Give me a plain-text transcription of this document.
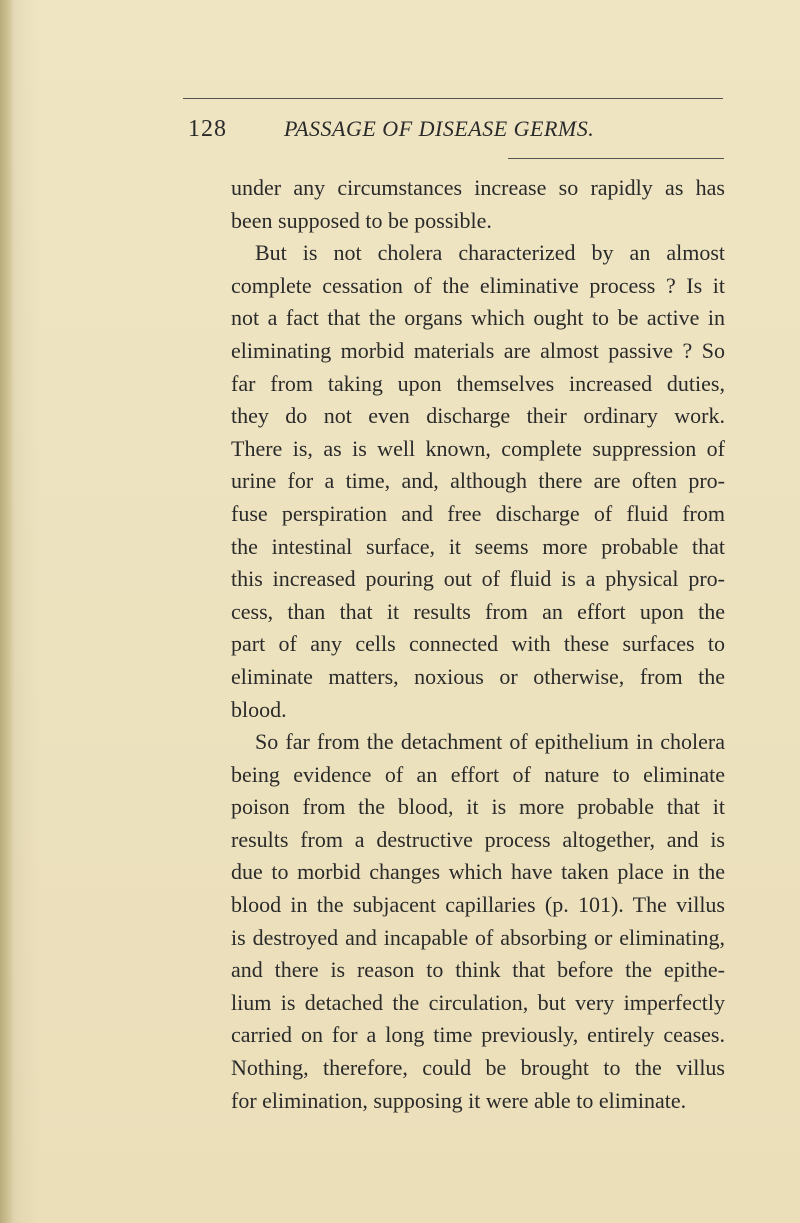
128	PASSAGE OF DISEASE GERMS.
under any circumstances increase so rapidly as has
been supposed to be possible.
But is not cholera characterized by an almost
complete cessation of the eliminative process ? Is it
not a fact that the organs which ought to be active in
eliminating morbid materials are almost passive ? So
far from taking upon themselves increased duties,
they do not even discharge their ordinary work.
There is, as is well known, complete suppression of
urine for a time, and, although there are often pro-
fuse perspiration and free discharge of fluid from
the intestinal surface, it seems more probable that
this increased pouring out of fluid is a physical pro-
cess, than that it results from an effort upon the
part of any cells connected with these surfaces to
eliminate matters, noxious or otherwise, from the
blood.
So far from the detachment of epithelium in cholera
being evidence of an effort of nature to eliminate
poison from the blood, it is more probable that it
results from a destructive process altogether, and is
due to morbid changes which have taken place in the
blood in the subjacent capillaries (p. 101). The villus
is destroyed and incapable of absorbing or eliminating,
and there is reason to think that before the epithe-
lium is detached the circulation, but very imperfectly
carried on for a long time previously, entirely ceases.
Nothing, therefore, could be brought to the villus
for elimination, supposing it were able to eliminate.
